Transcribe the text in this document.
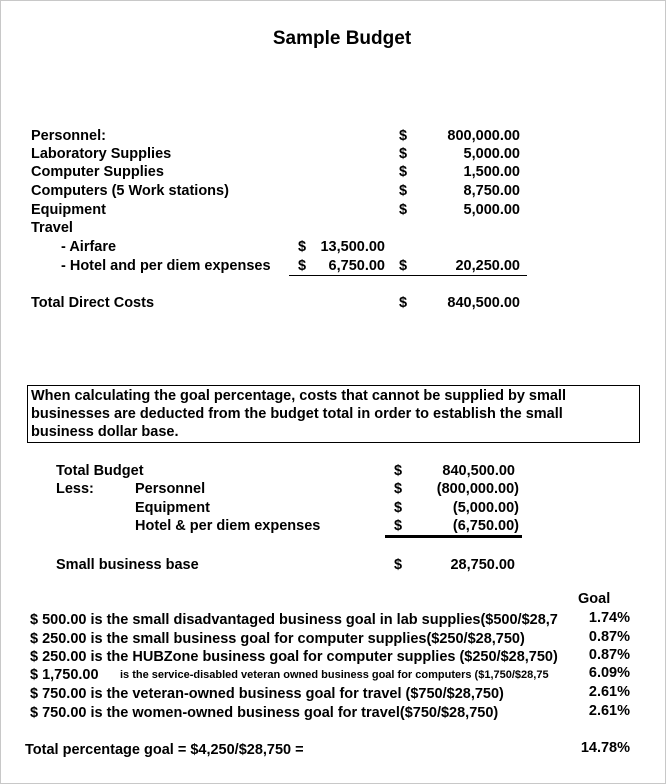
Sample Budget
Personnel:	$	800,000.00
Laboratory Supplies	$	5,000.00
Computer Supplies	$	1,500.00
Computers (5 Work stations)	$	8,750.00
Equipment	$	5,000.00
Travel
- Airfare	$ 13,500.00
- Hotel and per diem expenses $	6,750.00 $	20,250.00
Total Direct Costs	$	840,500.00
When calculating the goal percentage, costs that cannot be supplied by small
businesses are deducted from the budget total in order to establish the small
business dollar base.
Total Budget	$	840,500.00
Less:	Personnel	$	(800,000.00)
Equipment	$	(5,000.00)
Hotel & per diem expenses	$	(6,750.00)
Small business base	$	28,750.00
Goal
$ 500.00 is the small disadvantaged business goal in lab supplies($500/$28,7	1.74%
$ 250.00 is the small business goal for computer supplies($250/$28,750)	0.87%
$ 250.00 is the HUBZone business goal for computer supplies ($250/$28,750)	0.87%
$ 1,750.00 is the service-disabled veteran owned business goal for computers ($1,750/$28,75	6.09%
$ 750.00 is the veteran-owned business goal for travel ($750/$28,750)	2.61%
$ 750.00 is the women-owned business goal for travel($750/$28,750)	2.61%
Total percentage goal = $4,250/$28,750 =	14.78%
